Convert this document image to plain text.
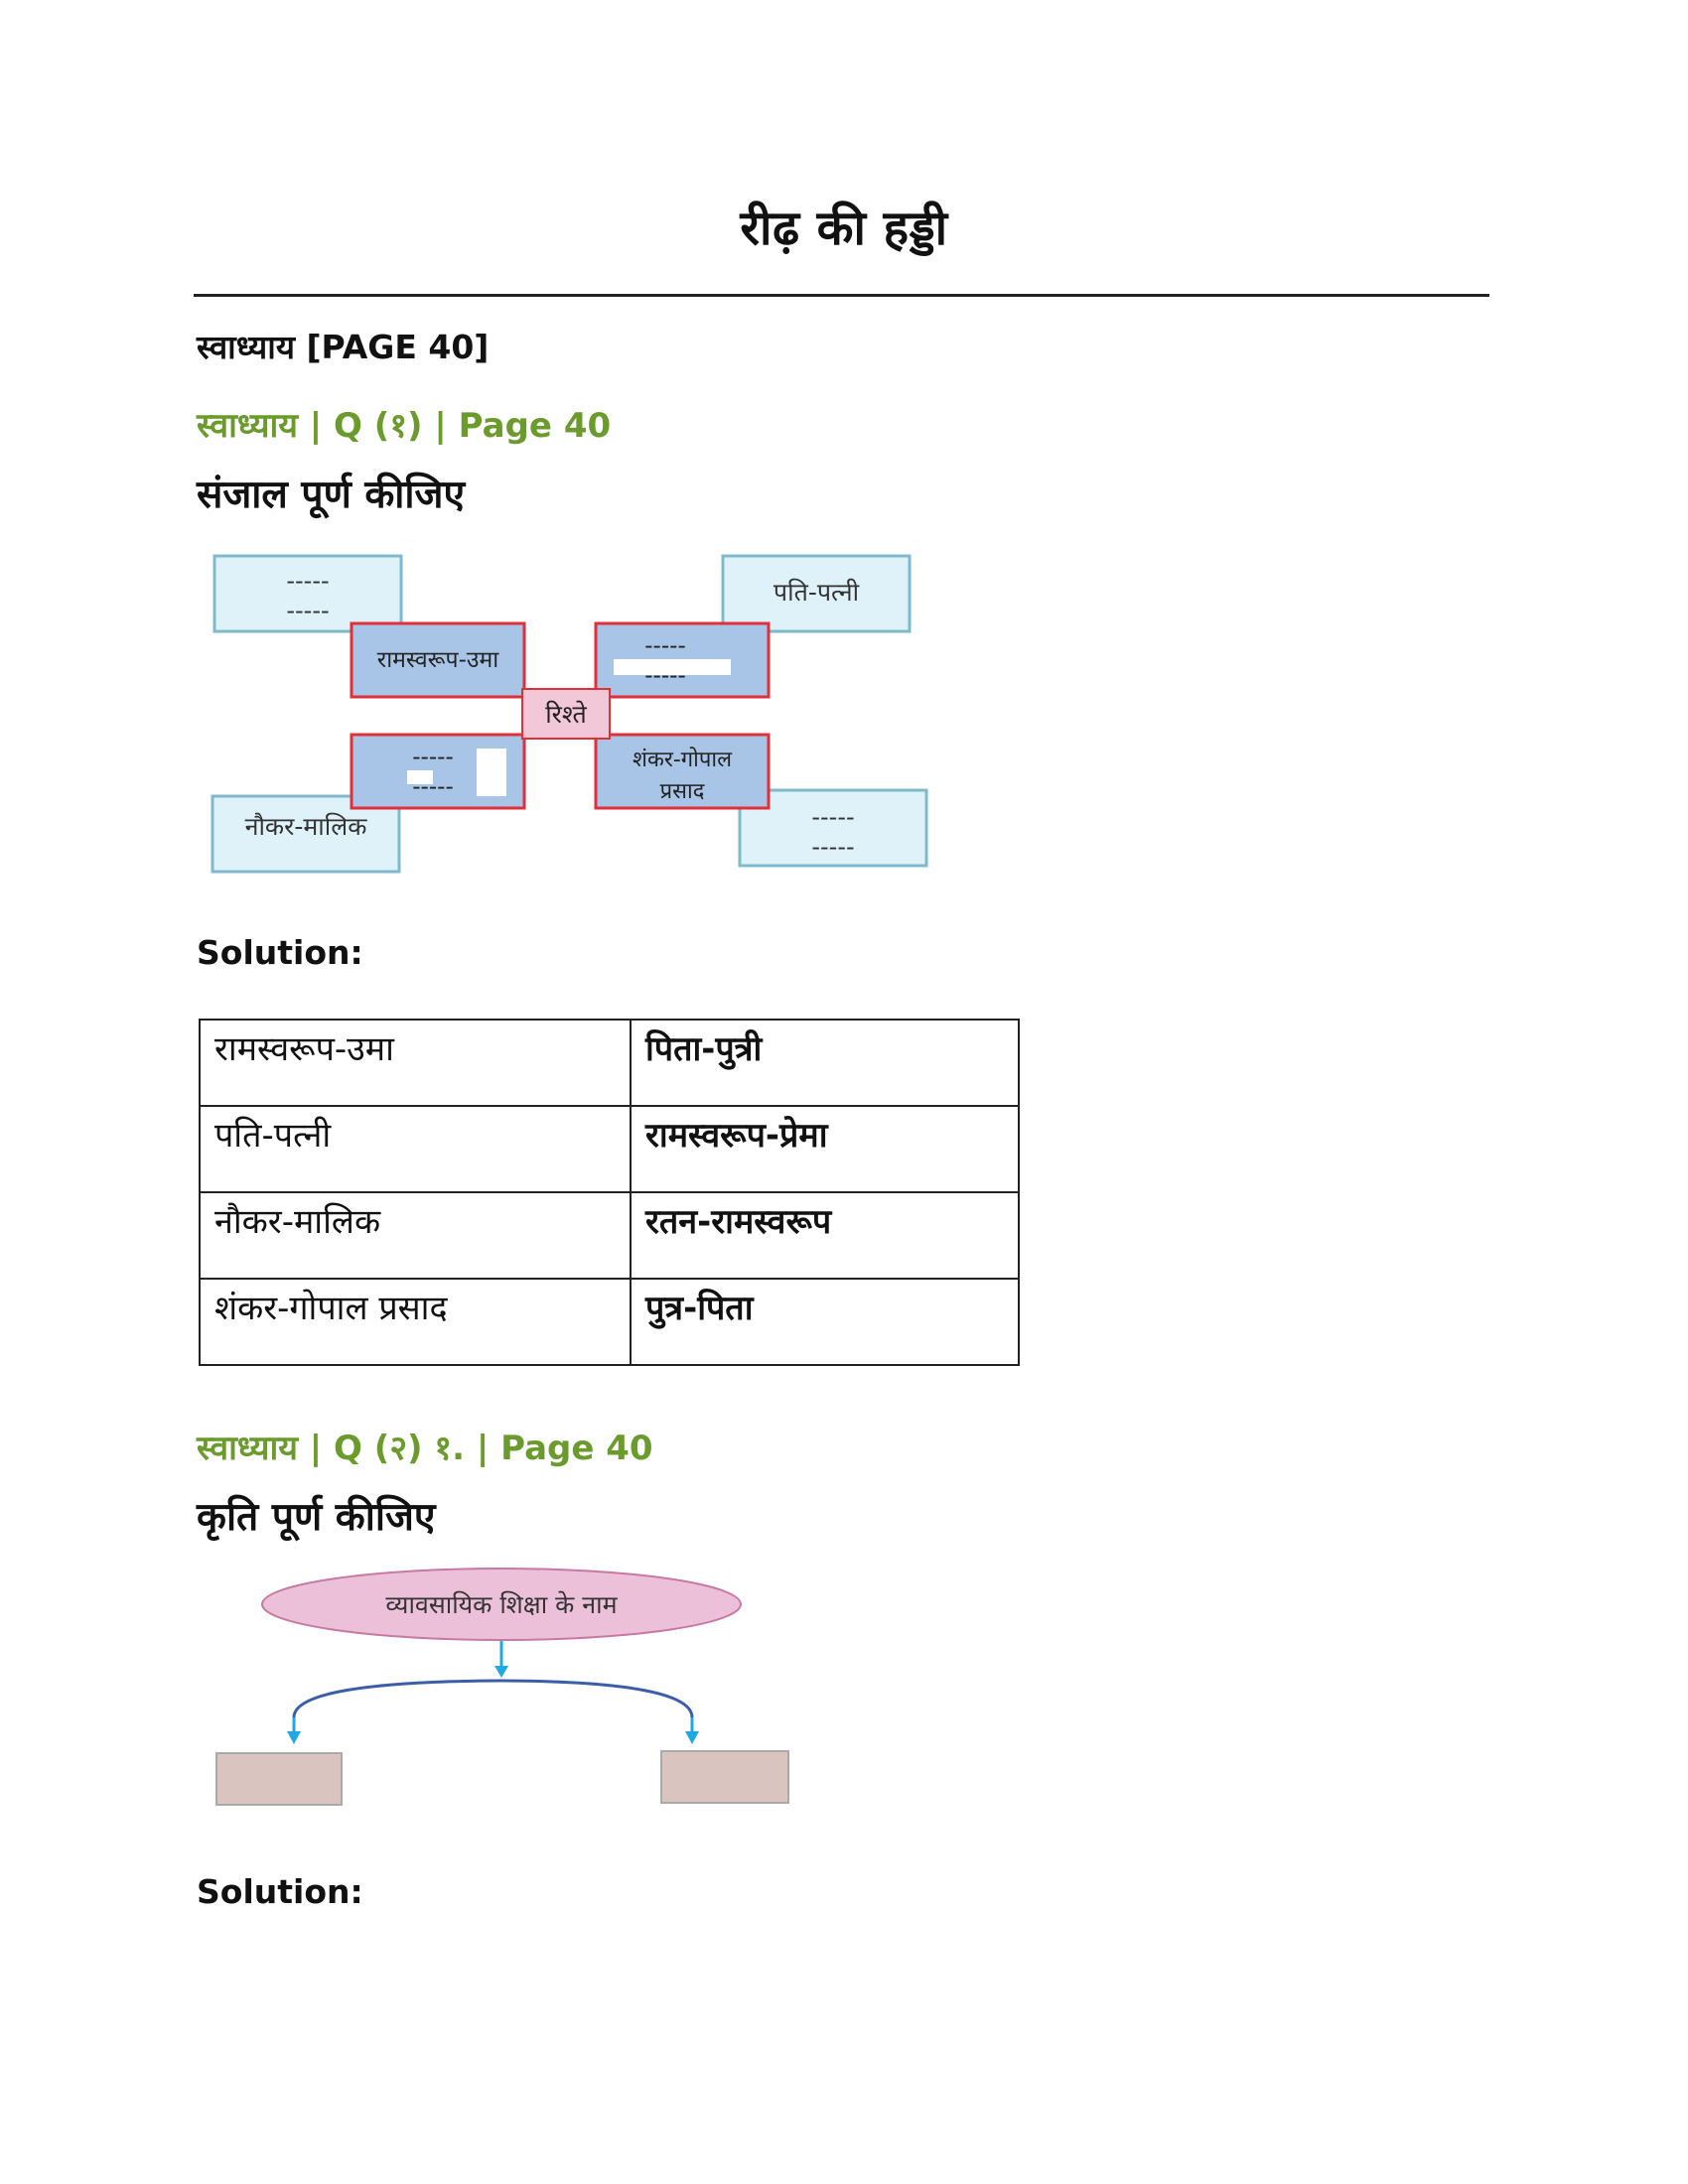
रीढ़ की हड्डी
स्वाध्याय [PAGE 40]
स्वाध्याय | Q (१) | Page 40
संजाल पूर्ण कीजिए
-----
-----
पति-पत्नी
नौकर-मालिक	-----
-----
रामस्वरूप-उमा
-----
-----
-----
-----
शंकर-गोपाल
प्रसाद
रिश्ते
Solution:
रामस्वरूप-उमा	पिता-पुत्री
पति-पत्नी	रामस्वरूप-प्रेमा
नौकर-मालिक	रतन-रामस्वरूप
शंकर-गोपाल प्रसाद	पुत्र-पिता
स्वाध्याय | Q (२) १. | Page 40
कृति पूर्ण कीजिए
व्यावसायिक शिक्षा के नाम
Solution:
